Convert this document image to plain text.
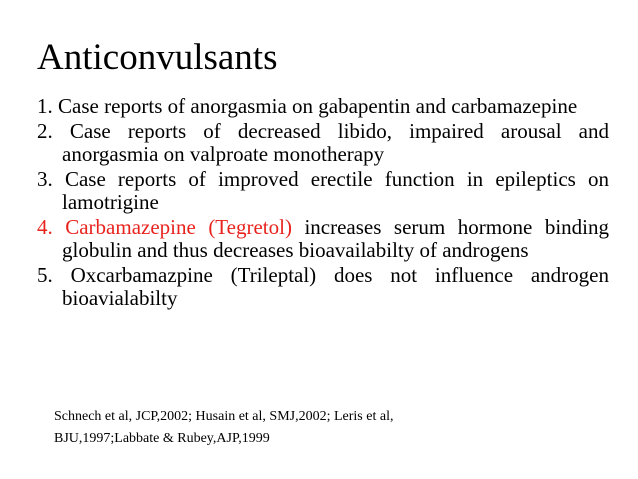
Anticonvulsants
1. Case reports of anorgasmia on gabapentin and carbamazepine
2. Case reports of decreased libido, impaired arousal and anorgasmia on valproate monotherapy
3. Case reports of improved erectile function in epileptics on lamotrigine
4. Carbamazepine (Tegretol) increases serum hormone binding globulin and thus decreases bioavailabilty of androgens
5. Oxcarbamazpine (Trileptal) does not influence androgen bioavialabilty
Schnech et al, JCP,2002; Husain et al, SMJ,2002; Leris et al, BJU,1997;Labbate & Rubey,AJP,1999
